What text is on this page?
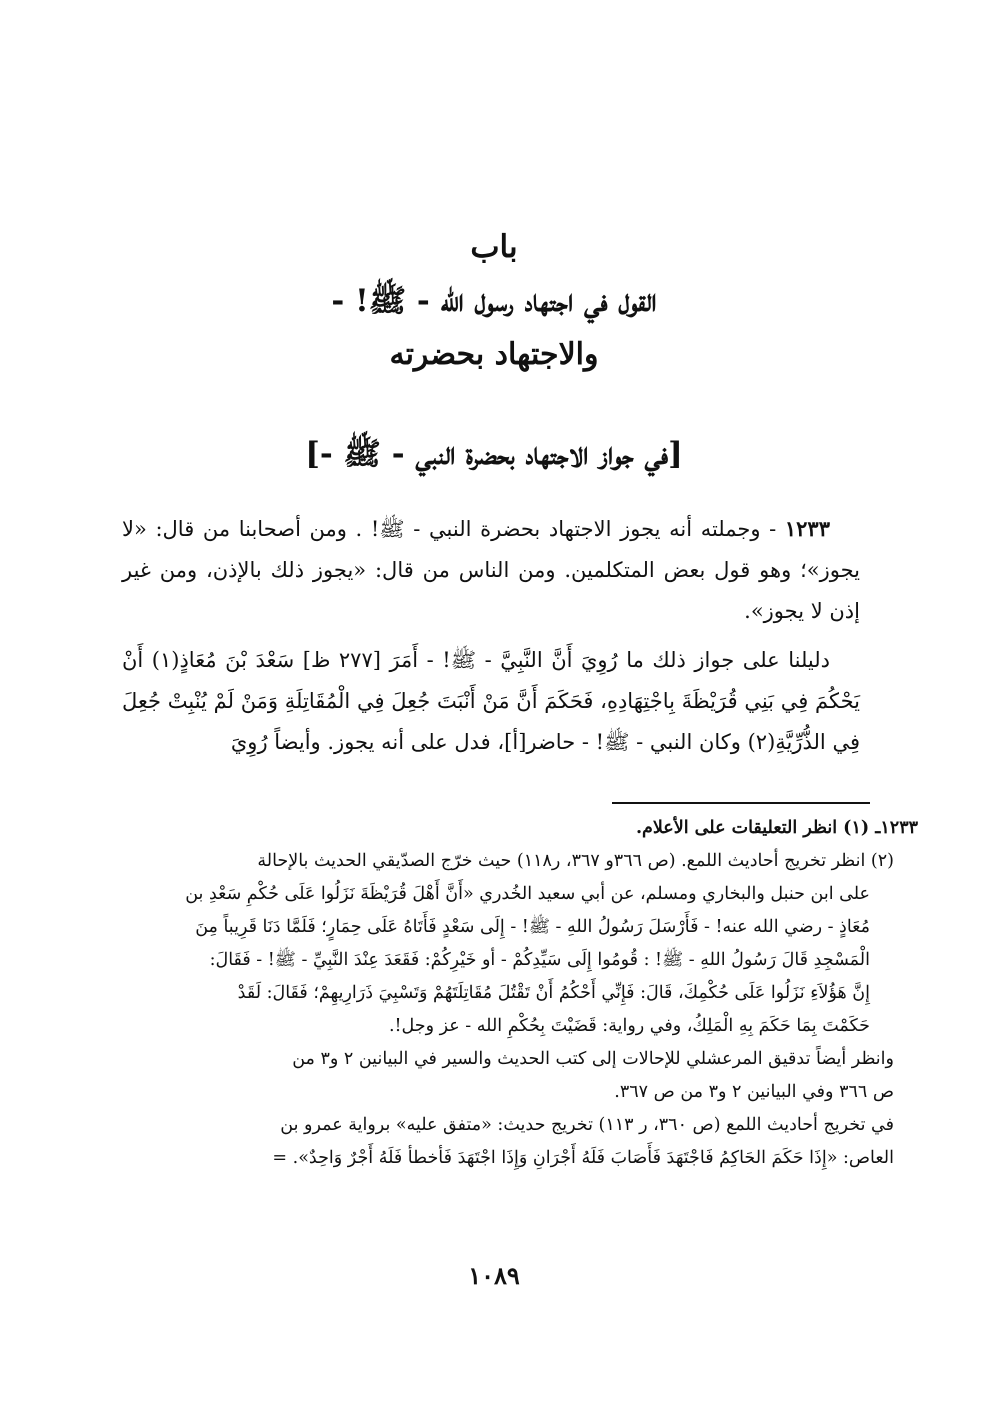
باب
القول في اجتهاد رسول الله - ﷺ! -
والاجتهاد بحضرته
[في جواز الاجتهاد بحضرة النبي - ﷺ -]

١٢٣٣ - وجملته أنه يجوز الاجتهاد بحضرة النبي - ﷺ! . ومن أصحابنا من قال: «لا يجوز»؛ وهو قول بعض المتكلمين. ومن الناس من قال: «يجوز ذلك بالإذن، ومن غير إذن لا يجوز».

دليلنا على جواز ذلك ما رُوِيَ أَنَّ النَّبِيَّ - ﷺ! - أَمَرَ [٢٧٧ ظ] سَعْدَ بْنَ مُعَاذٍ(١) أَنْ يَحْكُمَ فِي بَنِي قُرَيْظَةَ بِاجْتِهَادِهِ، فَحَكَمَ أَنَّ مَنْ أَنْبَتَ جُعِلَ فِي الْمُقَاتِلَةِ وَمَنْ لَمْ يُنْبِتْ جُعِلَ فِي الذُّرِّيَّةِ(٢) وكان النبي - ﷺ! - حاضر[أ]، فدل على أنه يجوز. وأيضاً رُوِيَ

١٢٣٣ـ (١) انظر التعليقات على الأعلام.
(٢) انظر تخريج أحاديث اللمع. (ص ٣٦٦و ٣٦٧، ر١١٨) حيث خرّج الصدّيقي الحديث بالإحالة
على ابن حنبل والبخاري ومسلم، عن أبي سعيد الخُدري «أَنَّ أَهْلَ قُرَيْظَةَ نَزَلُوا عَلَى حُكْمِ سَعْدِ بن
مُعَاذٍ - رضي الله عنه! - فَأَرْسَلَ رَسُولُ اللهِ - ﷺ! - إِلَى سَعْدٍ فَأَتَاهُ عَلَى حِمَارٍ؛ فَلَمَّا دَنَا قَرِيباً مِنَ
الْمَسْجِدِ قَالَ رَسُولُ اللهِ - ﷺ! : قُومُوا إِلَى سَيِّدِكُمْ - أو خَيْرِكُمْ: فَقَعَدَ عِنْدَ النَّبِيِّ - ﷺ! - فَقَالَ:
إِنَّ هَؤُلاَءِ نَزَلُوا عَلَى حُكْمِكَ، قَالَ: فَإِنِّي أَحْكُمُ أَنْ تَقْتُلَ مُقَاتِلَتَهُمْ وَتَسْبِيَ ذَرَارِيهِمْ؛ فَقَالَ: لَقَدْ
حَكَمْتَ بِمَا حَكَمَ بِهِ الْمَلِكُ، وفي رواية: قَضَيْتَ بِحُكْمِ الله - عز وجل!.
وانظر أيضاً تدقيق المرعشلي للإحالات إلى كتب الحديث والسير في البيانين ٢ و٣ من
ص ٣٦٦ وفي البيانين ٢ و٣ من ص ٣٦٧.
في تخريج أحاديث اللمع (ص ٣٦٠، ر ١١٣) تخريج حديث: «متفق عليه» برواية عمرو بن
العاص: «إِذَا حَكَمَ الحَاكِمُ فَاجْتَهَدَ فَأَصَابَ فَلَهُ أَجْرَانِ وَإِذَا اجْتَهَدَ فَأخطأ فَلَهُ أَجْرٌ وَاحِدٌ». =
١٠٨٩
